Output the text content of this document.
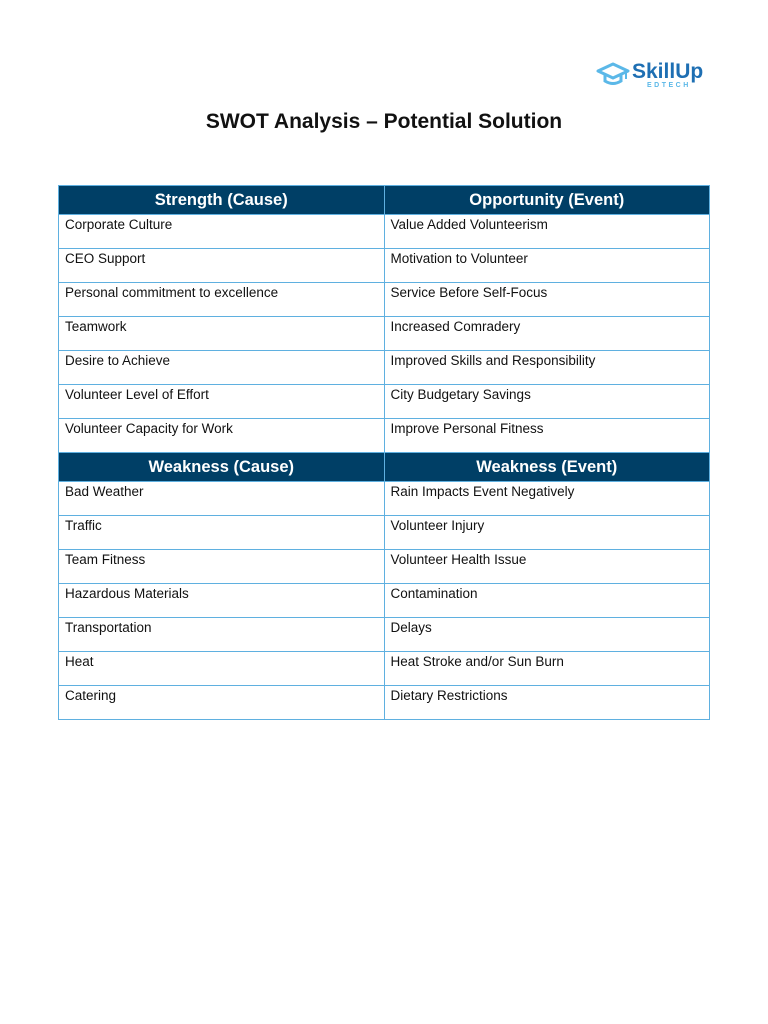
SkillUp
EDTECH
SWOT Analysis – Potential Solution
Strength (Cause)	Opportunity (Event)
Corporate Culture	Value Added Volunteerism
CEO Support	Motivation to Volunteer
Personal commitment to excellence	Service Before Self-Focus
Teamwork	Increased Comradery
Desire to Achieve	Improved Skills and Responsibility
Volunteer Level of Effort	City Budgetary Savings
Volunteer Capacity for Work	Improve Personal Fitness
Weakness (Cause)	Weakness (Event)
Bad Weather	Rain Impacts Event Negatively
Traffic	Volunteer Injury
Team Fitness	Volunteer Health Issue
Hazardous Materials	Contamination
Transportation	Delays
Heat	Heat Stroke and/or Sun Burn
Catering	Dietary Restrictions
